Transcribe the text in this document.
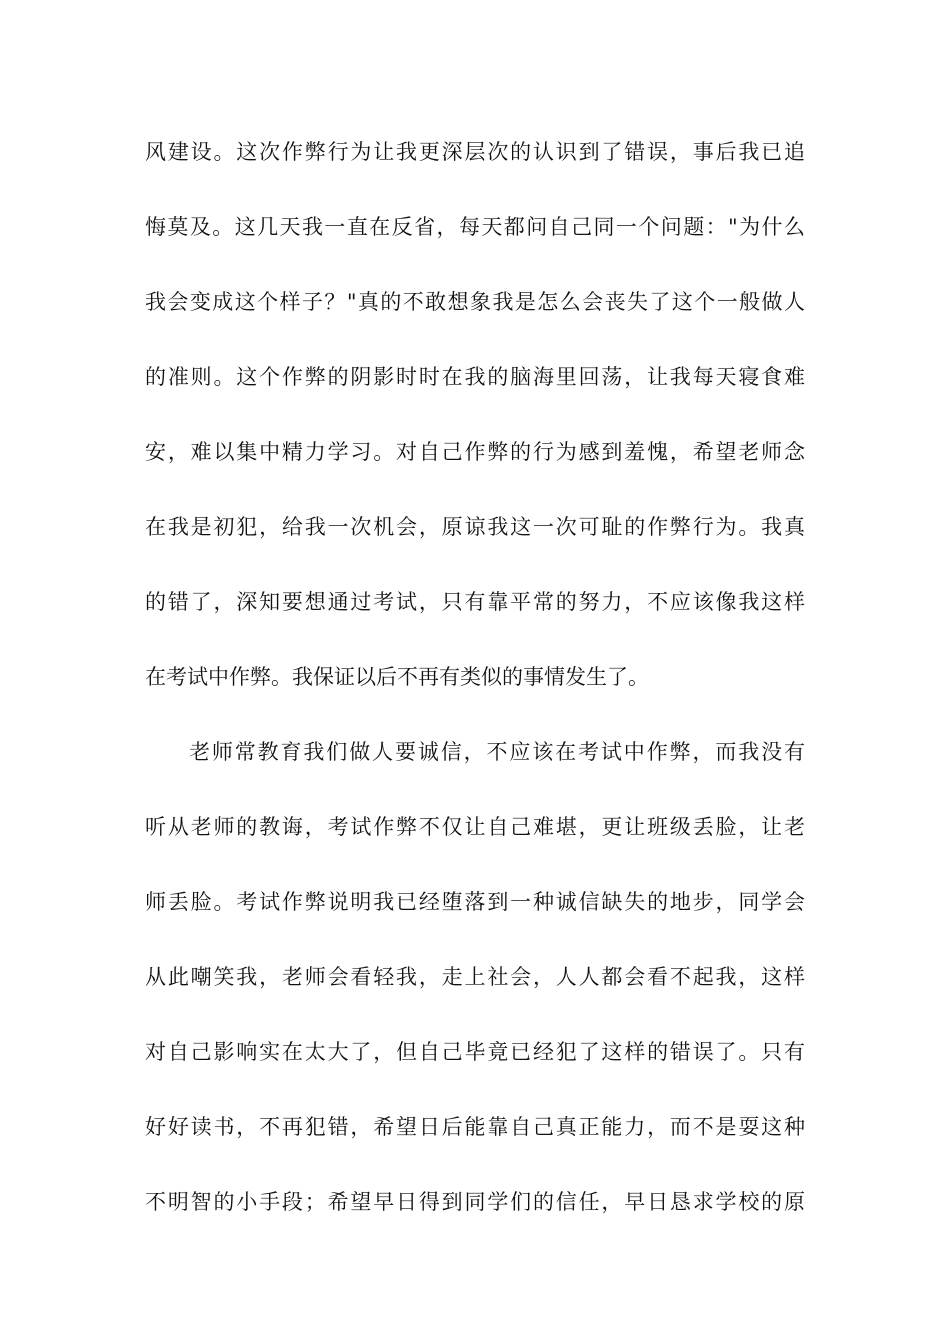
风建设。这次作弊行为让我更深层次的认识到了错误，事后我已追
悔莫及。这几天我一直在反省，每天都问自己同一个问题："为什么
我会变成这个样子？"真的不敢想象我是怎么会丧失了这个一般做人
的准则。这个作弊的阴影时时在我的脑海里回荡，让我每天寝食难
安，难以集中精力学习。对自己作弊的行为感到羞愧，希望老师念
在我是初犯，给我一次机会，原谅我这一次可耻的作弊行为。我真
的错了，深知要想通过考试，只有靠平常的努力，不应该像我这样
在考试中作弊。我保证以后不再有类似的事情发生了。
老师常教育我们做人要诚信，不应该在考试中作弊，而我没有
听从老师的教诲，考试作弊不仅让自己难堪，更让班级丢脸，让老
师丢脸。考试作弊说明我已经堕落到一种诚信缺失的地步，同学会
从此嘲笑我，老师会看轻我，走上社会，人人都会看不起我，这样
对自己影响实在太大了，但自己毕竟已经犯了这样的错误了。只有
好好读书，不再犯错，希望日后能靠自己真正能力，而不是耍这种
不明智的小手段；希望早日得到同学们的信任，早日恳求学校的原
